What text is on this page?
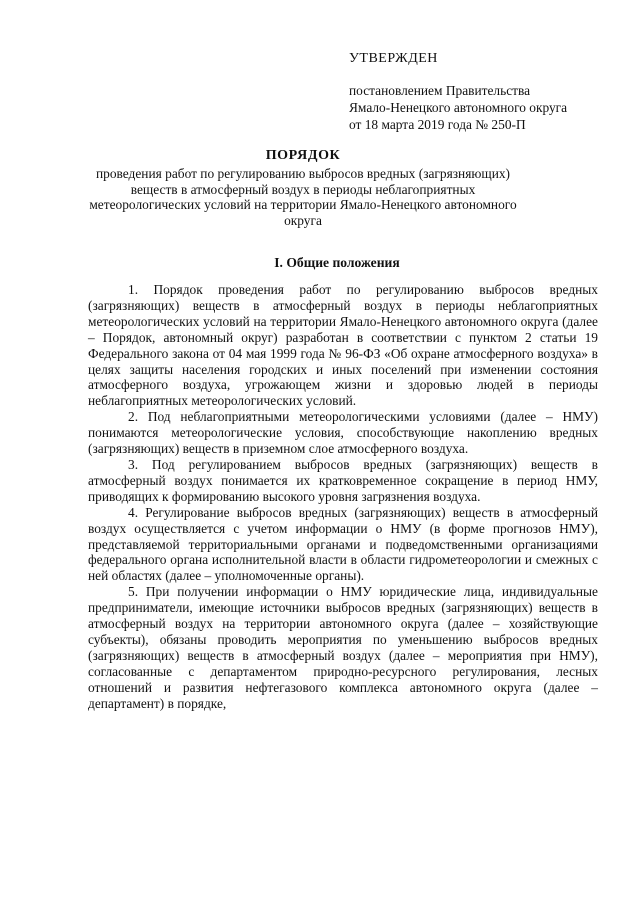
УТВЕРЖДЕН
постановлением Правительства
Ямало-Ненецкого автономного округа
от 18 марта 2019 года № 250-П
ПОРЯДОК
проведения работ по регулированию выбросов вредных (загрязняющих) веществ в атмосферный воздух в периоды неблагоприятных метеорологических условий на территории Ямало-Ненецкого автономного округа
I. Общие положения

1. Порядок проведения работ по регулированию выбросов вредных (загрязняющих) веществ в атмосферный воздух в периоды неблагоприятных метеорологических условий на территории Ямало-Ненецкого автономного округа (далее – Порядок, автономный округ) разработан в соответствии с пунктом 2 статьи 19 Федерального закона от 04 мая 1999 года № 96-ФЗ «Об охране атмосферного воздуха» в целях защиты населения городских и иных поселений при изменении состояния атмосферного воздуха, угрожающем жизни и здоровью людей в периоды неблагоприятных метеорологических условий.

2. Под неблагоприятными метеорологическими условиями (далее – НМУ) понимаются метеорологические условия, способствующие накоплению вредных (загрязняющих) веществ в приземном слое атмосферного воздуха.

3. Под регулированием выбросов вредных (загрязняющих) веществ в атмосферный воздух понимается их кратковременное сокращение в период НМУ, приводящих к формированию высокого уровня загрязнения воздуха.

4. Регулирование выбросов вредных (загрязняющих) веществ в атмосферный воздух осуществляется с учетом информации о НМУ (в форме прогнозов НМУ), представляемой территориальными органами и подведомственными организациями федерального органа исполнительной власти в области гидрометеорологии и смежных с ней областях (далее – уполномоченные органы).

5. При получении информации о НМУ юридические лица, индивидуальные предприниматели, имеющие источники выбросов вредных (загрязняющих) веществ в атмосферный воздух на территории автономного округа (далее – хозяйствующие субъекты), обязаны проводить мероприятия по уменьшению выбросов вредных (загрязняющих) веществ в атмосферный воздух (далее – мероприятия при НМУ), согласованные с департаментом природно-ресурсного регулирования, лесных отношений и развития нефтегазового комплекса автономного округа (далее – департамент) в порядке,
